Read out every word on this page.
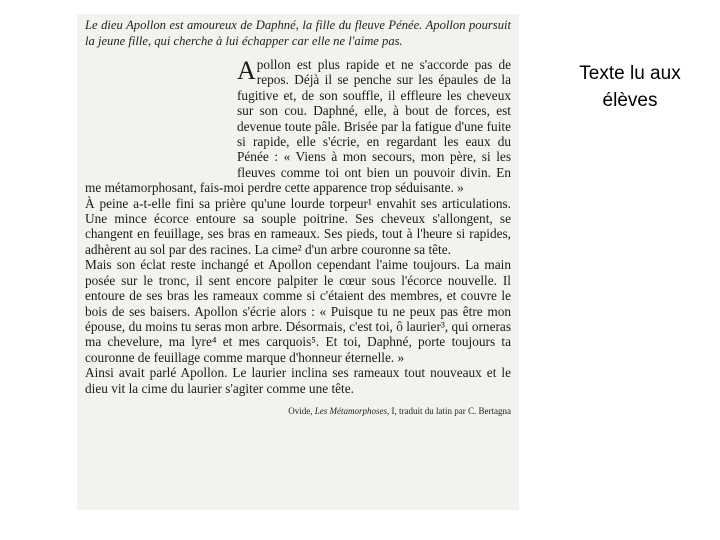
Le dieu Apollon est amoureux de Daphné, la fille du fleuve Pénée. Apollon poursuit la jeune fille, qui cherche à lui échapper car elle ne l'aime pas.

Apollon est plus rapide et ne s'accorde pas de repos. Déjà il se penche sur les épaules de la fugitive et, de son souffle, il effleure les cheveux sur son cou. Daphné, elle, à bout de forces, est devenue toute pâle. Brisée par la fatigue d'une fuite si rapide, elle s'écrie, en regardant les eaux du Pénée : « Viens à mon secours, mon père, si les fleuves comme toi ont bien un pouvoir divin. En me métamorphosant, fais-moi perdre cette apparence trop séduisante. »

À peine a-t-elle fini sa prière qu'une lourde torpeur¹ envahit ses articulations. Une mince écorce entoure sa souple poitrine. Ses cheveux s'allongent, se changent en feuillage, ses bras en rameaux. Ses pieds, tout à l'heure si rapides, adhèrent au sol par des racines. La cime² d'un arbre couronne sa tête.

Mais son éclat reste inchangé et Apollon cependant l'aime toujours. La main posée sur le tronc, il sent encore palpiter le cœur sous l'écorce nouvelle. Il entoure de ses bras les rameaux comme si c'étaient des membres, et couvre le bois de ses baisers. Apollon s'écrie alors : « Puisque tu ne peux pas être mon épouse, du moins tu seras mon arbre. Désormais, c'est toi, ô laurier³, qui orneras ma chevelure, ma lyre⁴ et mes carquois⁵. Et toi, Daphné, porte toujours ta couronne de feuillage comme marque d'honneur éternelle. »

Ainsi avait parlé Apollon. Le laurier inclina ses rameaux tout nouveaux et le dieu vit la cime du laurier s'agiter comme une tête.

Ovide, Les Métamorphoses, I, traduit du latin par C. Bertagna
Texte lu aux élèves
